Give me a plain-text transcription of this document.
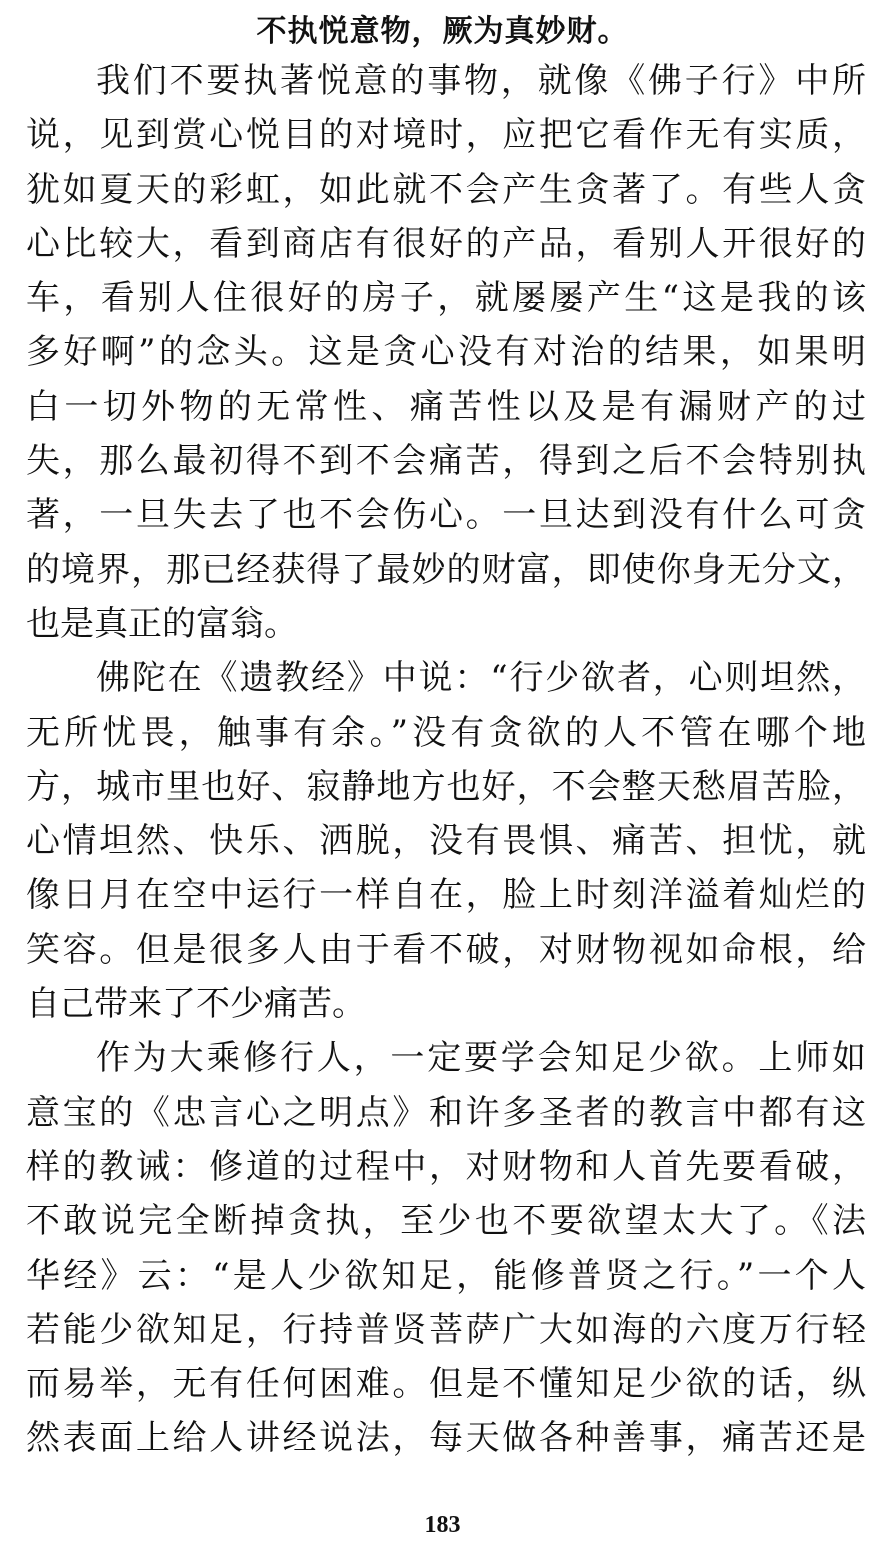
不执悦意物，厥为真妙财。
我们不要执著悦意的事物，就像《佛子行》中所
说，见到赏心悦目的对境时，应把它看作无有实质，
犹如夏天的彩虹，如此就不会产生贪著了。有些人贪
心比较大，看到商店有很好的产品，看别人开很好的
车，看别人住很好的房子，就屡屡产生“这是我的该
多好啊”的念头。这是贪心没有对治的结果，如果明
白一切外物的无常性、痛苦性以及是有漏财产的过
失，那么最初得不到不会痛苦，得到之后不会特别执
著，一旦失去了也不会伤心。一旦达到没有什么可贪
的境界，那已经获得了最妙的财富，即使你身无分文，
也是真正的富翁。
佛陀在《遗教经》中说：“行少欲者，心则坦然，
无所忧畏，触事有余。”没有贪欲的人不管在哪个地
方，城市里也好、寂静地方也好，不会整天愁眉苦脸，
心情坦然、快乐、洒脱，没有畏惧、痛苦、担忧，就
像日月在空中运行一样自在，脸上时刻洋溢着灿烂的
笑容。但是很多人由于看不破，对财物视如命根，给
自己带来了不少痛苦。
作为大乘修行人，一定要学会知足少欲。上师如
意宝的《忠言心之明点》和许多圣者的教言中都有这
样的教诫：修道的过程中，对财物和人首先要看破，
不敢说完全断掉贪执，至少也不要欲望太大了。《法
华经》云：“是人少欲知足，能修普贤之行。”一个人
若能少欲知足，行持普贤菩萨广大如海的六度万行轻
而易举，无有任何困难。但是不懂知足少欲的话，纵
然表面上给人讲经说法，每天做各种善事，痛苦还是
183
